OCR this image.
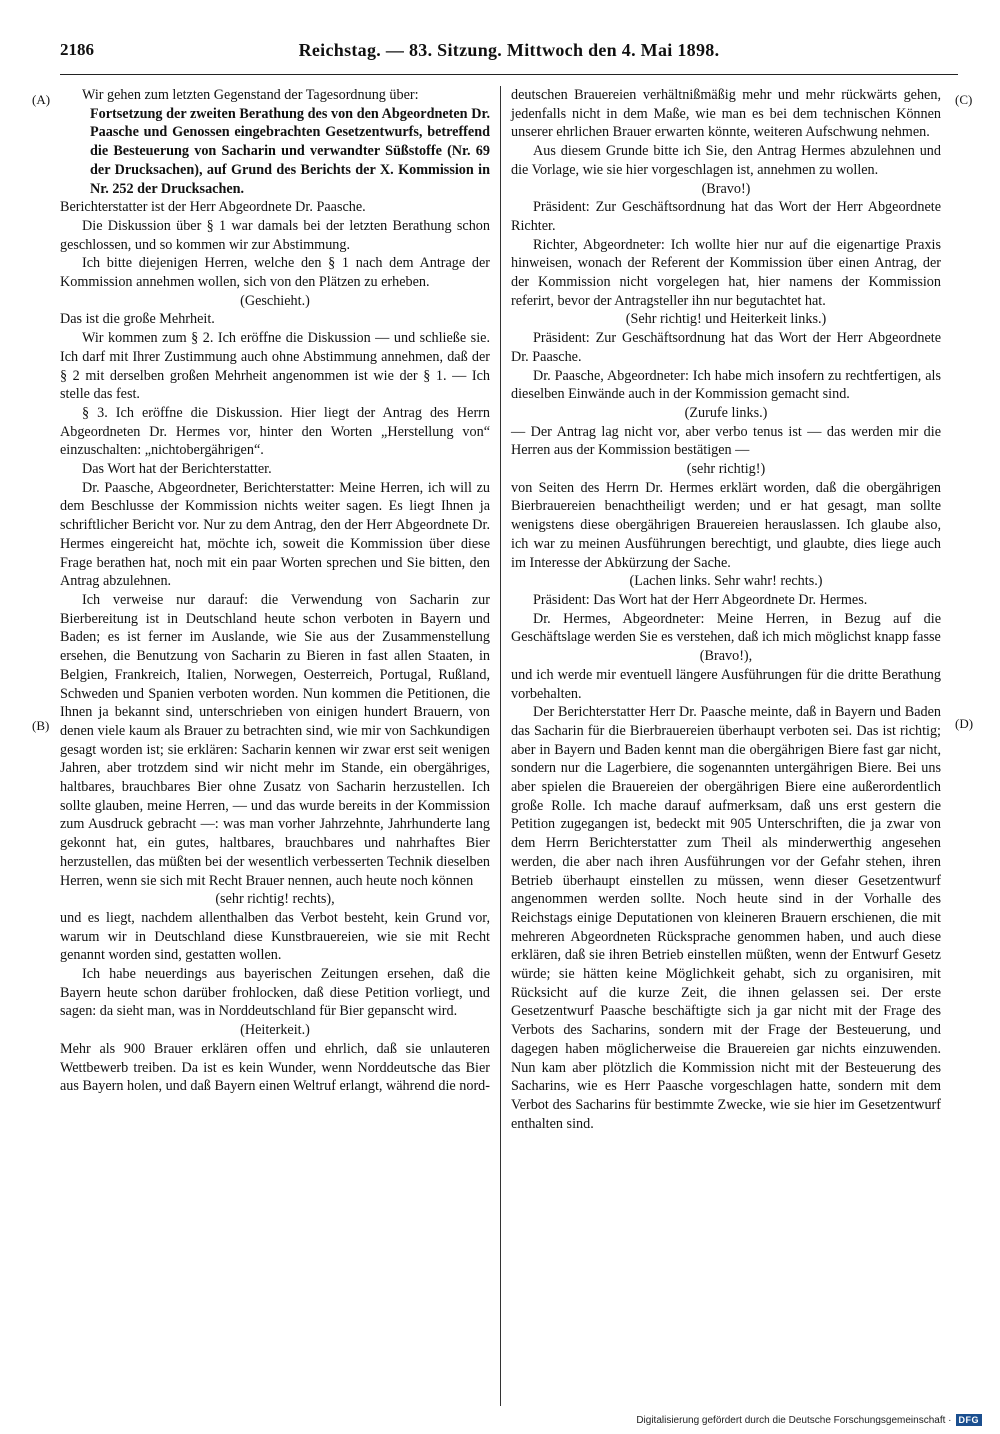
2186	Reichstag. — 83. Sitzung. Mittwoch den 4. Mai 1898.
(A)
(B)
(C)
(D)

Wir gehen zum letzten Gegenstand der Tagesordnung über:

Fortsetzung der zweiten Berathung des von den Abgeordneten Dr. Paasche und Genossen eingebrachten Gesetzentwurfs, betreffend die Besteuerung von Sacharin und verwandter Süßstoffe (Nr. 69 der Drucksachen), auf Grund des Berichts der X. Kommission in Nr. 252 der Drucksachen.

Berichterstatter ist der Herr Abgeordnete Dr. Paasche.

Die Diskussion über § 1 war damals bei der letzten Berathung schon geschlossen, und so kommen wir zur Abstimmung.

Ich bitte diejenigen Herren, welche den § 1 nach dem Antrage der Kommission annehmen wollen, sich von den Plätzen zu erheben.

(Geschieht.)

Das ist die große Mehrheit.

Wir kommen zum § 2. Ich eröffne die Diskussion — und schließe sie. Ich darf mit Ihrer Zustimmung auch ohne Abstimmung annehmen, daß der § 2 mit derselben großen Mehrheit angenommen ist wie der § 1. — Ich stelle das fest.

§ 3. Ich eröffne die Diskussion. Hier liegt der Antrag des Herrn Abgeordneten Dr. Hermes vor, hinter den Worten „Herstellung von“ einzuschalten: „nichtobergährigen“.

Das Wort hat der Berichterstatter.

Dr. Paasche, Abgeordneter, Berichterstatter: Meine Herren, ich will zu dem Beschlusse der Kommission nichts weiter sagen. Es liegt Ihnen ja schriftlicher Bericht vor. Nur zu dem Antrag, den der Herr Abgeordnete Dr. Hermes eingereicht hat, möchte ich, soweit die Kommission über diese Frage berathen hat, noch mit ein paar Worten sprechen und Sie bitten, den Antrag abzulehnen.

Ich verweise nur darauf: die Verwendung von Sacharin zur Bierbereitung ist in Deutschland heute schon verboten in Bayern und Baden; es ist ferner im Auslande, wie Sie aus der Zusammenstellung ersehen, die Benutzung von Sacharin zu Bieren in fast allen Staaten, in Belgien, Frankreich, Italien, Norwegen, Oesterreich, Portugal, Rußland, Schweden und Spanien verboten worden. Nun kommen die Petitionen, die Ihnen ja bekannt sind, unterschrieben von einigen hundert Brauern, von denen viele kaum als Brauer zu betrachten sind, wie mir von Sachkundigen gesagt worden ist; sie erklären: Sacharin kennen wir zwar erst seit wenigen Jahren, aber trotzdem sind wir nicht mehr im Stande, ein obergähriges, haltbares, brauchbares Bier ohne Zusatz von Sacharin herzustellen. Ich sollte glauben, meine Herren, — und das wurde bereits in der Kommission zum Ausdruck gebracht —: was man vorher Jahrzehnte, Jahrhunderte lang gekonnt hat, ein gutes, haltbares, brauchbares und nahrhaftes Bier herzustellen, das müßten bei der wesentlich verbesserten Technik dieselben Herren, wenn sie sich mit Recht Brauer nennen, auch heute noch können

(sehr richtig! rechts),

und es liegt, nachdem allenthalben das Verbot besteht, kein Grund vor, warum wir in Deutschland diese Kunstbrauereien, wie sie mit Recht genannt worden sind, gestatten wollen.

Ich habe neuerdings aus bayerischen Zeitungen ersehen, daß die Bayern heute schon darüber frohlocken, daß diese Petition vorliegt, und sagen: da sieht man, was in Norddeutschland für Bier gepanscht wird.

(Heiterkeit.)

Mehr als 900 Brauer erklären offen und ehrlich, daß sie unlauteren Wettbewerb treiben. Da ist es kein Wunder, wenn Norddeutsche das Bier aus Bayern holen, und daß Bayern einen Weltruf erlangt, während die nord-

deutschen Brauereien verhältnißmäßig mehr und mehr rückwärts gehen, jedenfalls nicht in dem Maße, wie man es bei dem technischen Können unserer ehrlichen Brauer erwarten könnte, weiteren Aufschwung nehmen.

Aus diesem Grunde bitte ich Sie, den Antrag Hermes abzulehnen und die Vorlage, wie sie hier vorgeschlagen ist, annehmen zu wollen.

(Bravo!)

Präsident: Zur Geschäftsordnung hat das Wort der Herr Abgeordnete Richter.

Richter, Abgeordneter: Ich wollte hier nur auf die eigenartige Praxis hinweisen, wonach der Referent der Kommission über einen Antrag, der der Kommission nicht vorgelegen hat, hier namens der Kommission referirt, bevor der Antragsteller ihn nur begutachtet hat.

(Sehr richtig! und Heiterkeit links.)

Präsident: Zur Geschäftsordnung hat das Wort der Herr Abgeordnete Dr. Paasche.

Dr. Paasche, Abgeordneter: Ich habe mich insofern zu rechtfertigen, als dieselben Einwände auch in der Kommission gemacht sind.

(Zurufe links.)

— Der Antrag lag nicht vor, aber verbo tenus ist — das werden mir die Herren aus der Kommission bestätigen —

(sehr richtig!)

von Seiten des Herrn Dr. Hermes erklärt worden, daß die obergährigen Bierbrauereien benachtheiligt werden; und er hat gesagt, man sollte wenigstens diese obergährigen Brauereien herauslassen. Ich glaube also, ich war zu meinen Ausführungen berechtigt, und glaubte, dies liege auch im Interesse der Abkürzung der Sache.

(Lachen links. Sehr wahr! rechts.)

Präsident: Das Wort hat der Herr Abgeordnete Dr. Hermes.

Dr. Hermes, Abgeordneter: Meine Herren, in Bezug auf die Geschäftslage werden Sie es verstehen, daß ich mich möglichst knapp fasse

(Bravo!),

und ich werde mir eventuell längere Ausführungen für die dritte Berathung vorbehalten.

Der Berichterstatter Herr Dr. Paasche meinte, daß in Bayern und Baden das Sacharin für die Bierbrauereien überhaupt verboten sei. Das ist richtig; aber in Bayern und Baden kennt man die obergährigen Biere fast gar nicht, sondern nur die Lagerbiere, die sogenannten untergährigen Biere. Bei uns aber spielen die Brauereien der obergährigen Biere eine außerordentlich große Rolle. Ich mache darauf aufmerksam, daß uns erst gestern die Petition zugegangen ist, bedeckt mit 905 Unterschriften, die ja zwar von dem Herrn Berichterstatter zum Theil als minderwerthig angesehen werden, die aber nach ihren Ausführungen vor der Gefahr stehen, ihren Betrieb überhaupt einstellen zu müssen, wenn dieser Gesetzentwurf angenommen werden sollte. Noch heute sind in der Vorhalle des Reichstags einige Deputationen von kleineren Brauern erschienen, die mit mehreren Abgeordneten Rücksprache genommen haben, und auch diese erklären, daß sie ihren Betrieb einstellen müßten, wenn der Entwurf Gesetz würde; sie hätten keine Möglichkeit gehabt, sich zu organisiren, mit Rücksicht auf die kurze Zeit, die ihnen gelassen sei. Der erste Gesetzentwurf Paasche beschäftigte sich ja gar nicht mit der Frage des Verbots des Sacharins, sondern mit der Frage der Besteuerung, und dagegen haben möglicherweise die Brauereien gar nichts einzuwenden. Nun kam aber plötzlich die Kommission nicht mit der Besteuerung des Sacharins, wie es Herr Paasche vorgeschlagen hatte, sondern mit dem Verbot des Sacharins für bestimmte Zwecke, wie sie hier im Gesetzentwurf enthalten sind.

Digitalisierung gefördert durch die Deutsche Forschungsgemeinschaft · DFG
